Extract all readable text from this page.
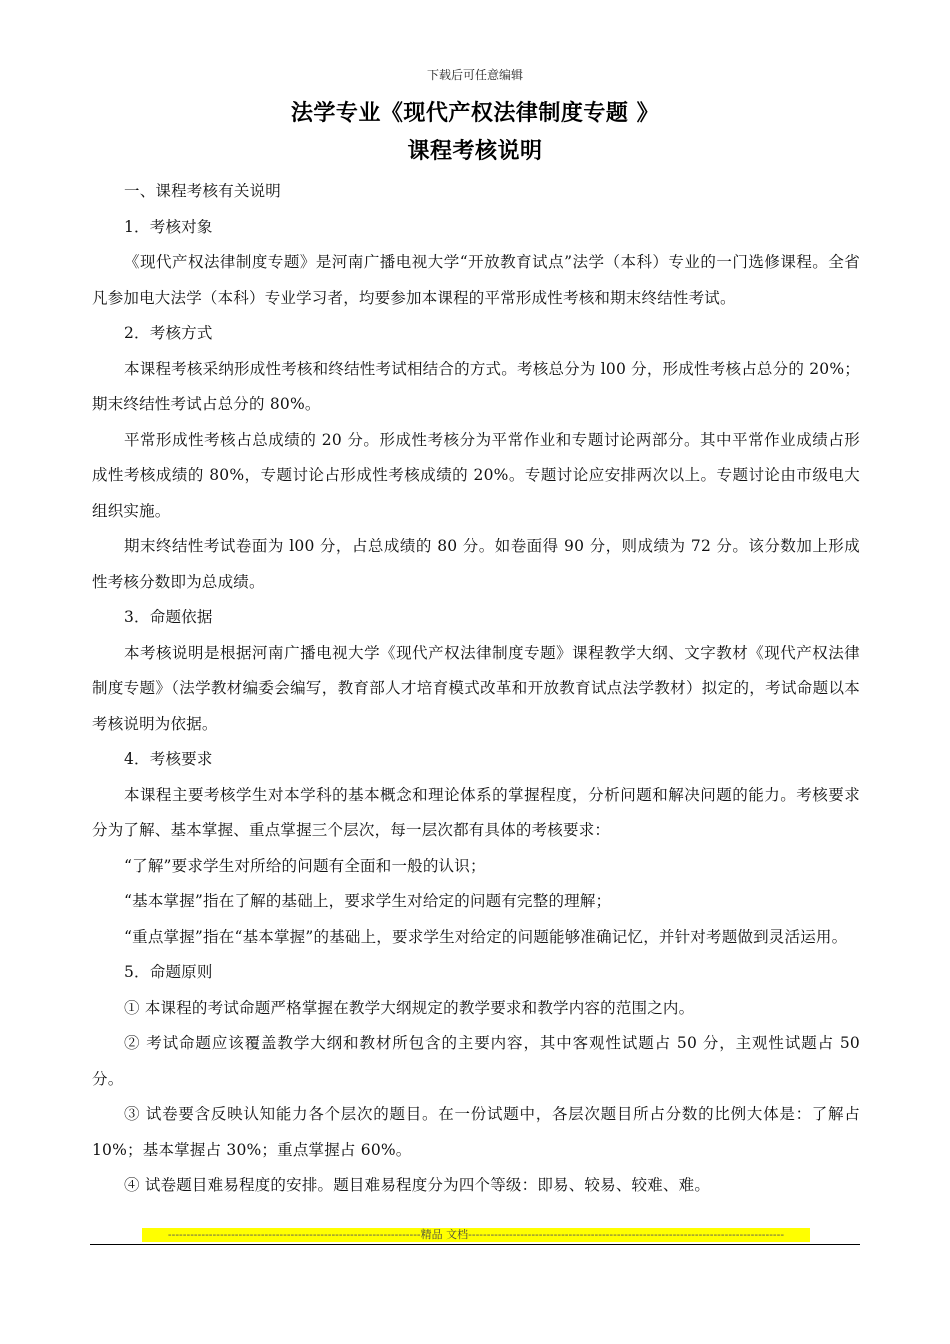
下载后可任意编辑
法学专业《现代产权法律制度专题 》
课程考核说明

一、课程考核有关说明

1．考核对象

《现代产权法律制度专题》是河南广播电视大学“开放教育试点”法学（本科）专业的一门选修课程。全省凡参加电大法学（本科）专业学习者，均要参加本课程的平常形成性考核和期末终结性考试。

2．考核方式

本课程考核采纳形成性考核和终结性考试相结合的方式。考核总分为 l00 分，形成性考核占总分的 20%；期末终结性考试占总分的 80%。

平常形成性考核占总成绩的 20 分。形成性考核分为平常作业和专题讨论两部分。其中平常作业成绩占形成性考核成绩的 80%，专题讨论占形成性考核成绩的 20%。专题讨论应安排两次以上。专题讨论由市级电大组织实施。

期末终结性考试卷面为 l00 分，占总成绩的 80 分。如卷面得 90 分，则成绩为 72 分。该分数加上形成性考核分数即为总成绩。

3．命题依据

本考核说明是根据河南广播电视大学《现代产权法律制度专题》课程教学大纲、文字教材《现代产权法律制度专题》（法学教材编委会编写，教育部人才培育模式改革和开放教育试点法学教材）拟定的，考试命题以本考核说明为依据。

4．考核要求

本课程主要考核学生对本学科的基本概念和理论体系的掌握程度，分析问题和解决问题的能力。考核要求分为了解、基本掌握、重点掌握三个层次，每一层次都有具体的考核要求：

“了解”要求学生对所给的问题有全面和一般的认识；

“基本掌握”指在了解的基础上，要求学生对给定的问题有完整的理解；

“重点掌握”指在“基本掌握”的基础上，要求学生对给定的问题能够准确记忆，并针对考题做到灵活运用。

5．命题原则

① 本课程的考试命题严格掌握在教学大纲规定的教学要求和教学内容的范围之内。

② 考试命题应该覆盖教学大纲和教材所包含的主要内容，其中客观性试题占 50 分，主观性试题占 50 分。

③ 试卷要含反映认知能力各个层次的题目。在一份试题中，各层次题目所占分数的比例大体是：了解占 10%；基本掌握占 30%；重点掌握占 60%。

④ 试卷题目难易程度的安排。题目难易程度分为四个等级：即易、较易、较难、难。

--------------------------------------------------------------------精品 文档-------------------------------------------------------------------------------------
